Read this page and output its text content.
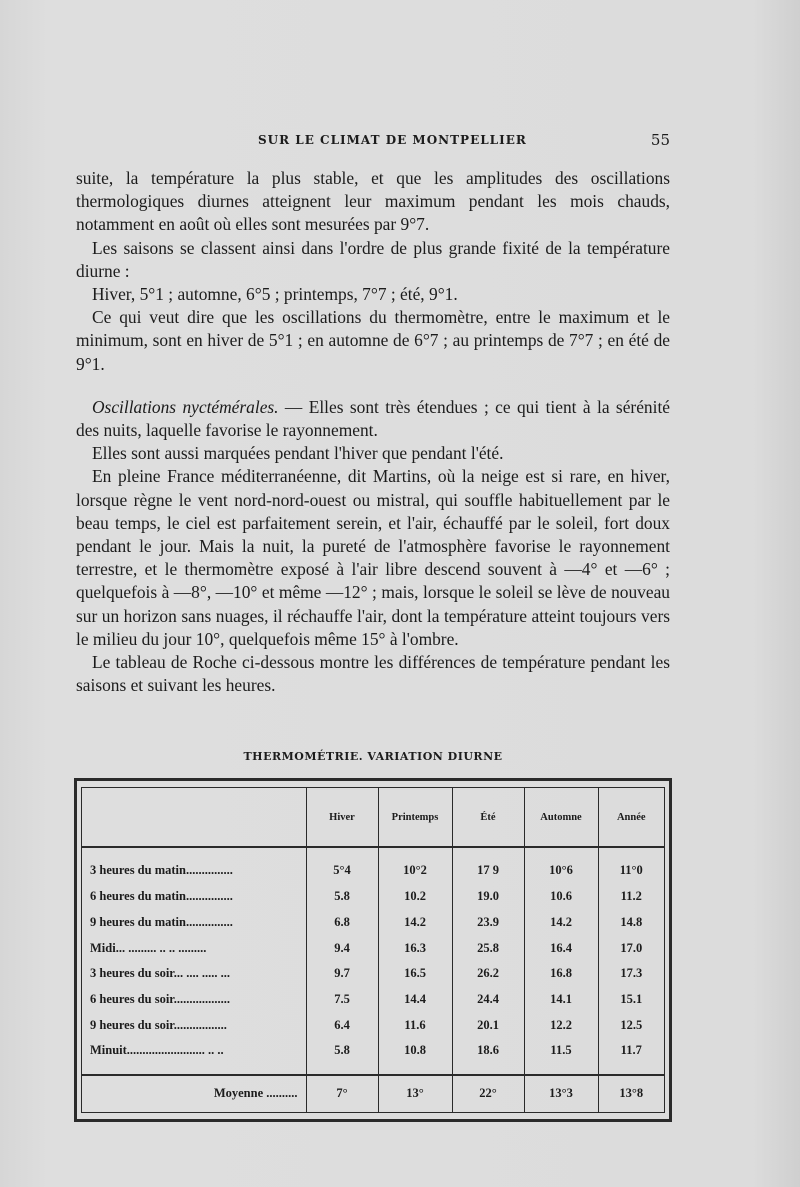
SUR LE CLIMAT DE MONTPELLIER	55

suite, la température la plus stable, et que les amplitudes des oscillations thermologiques diurnes atteignent leur maximum pendant les mois chauds, notamment en août où elles sont mesurées par 9°7.

Les saisons se classent ainsi dans l'ordre de plus grande fixité de la température diurne :

Hiver, 5°1 ; automne, 6°5 ; printemps, 7°7 ; été, 9°1.

Ce qui veut dire que les oscillations du thermomètre, entre le maximum et le minimum, sont en hiver de 5°1 ; en automne de 6°7 ; au printemps de 7°7 ; en été de 9°1.

Oscillations nyctémérales. — Elles sont très étendues ; ce qui tient à la sérénité des nuits, laquelle favorise le rayonnement.

Elles sont aussi marquées pendant l'hiver que pendant l'été.

En pleine France méditerranéenne, dit Martins, où la neige est si rare, en hiver, lorsque règne le vent nord-nord-ouest ou mistral, qui souffle habituellement par le beau temps, le ciel est parfaitement serein, et l'air, échauffé par le soleil, fort doux pendant le jour. Mais la nuit, la pureté de l'atmosphère favorise le rayonnement terrestre, et le thermomètre exposé à l'air libre descend souvent à —4° et —6° ; quelquefois à —8°, —10° et même —12° ; mais, lorsque le soleil se lève de nouveau sur un horizon sans nuages, il réchauffe l'air, dont la température atteint toujours vers le milieu du jour 10°, quelquefois même 15° à l'ombre.

Le tableau de Roche ci-dessous montre les différences de température pendant les saisons et suivant les heures.

THERMOMÉTRIE. VARIATION DIURNE
	Hiver	Printemps	Été	Automne	Année

3 heures du matin...............	5°4	10°2	17 9	10°6	11°0
6 heures du matin...............	5.8	10.2	19.0	10.6	11.2
9 heures du matin...............	6.8	14.2	23.9	14.2	14.8
Midi... ......... .. .. .........	9.4	16.3	25.8	16.4	17.0
3 heures du soir... .... ..... ...	9.7	16.5	26.2	16.8	17.3
6 heures du soir..................	7.5	14.4	24.4	14.1	15.1
9 heures du soir.................	6.4	11.6	20.1	12.2	12.5
Minuit......................... .. ..	5.8	10.8	18.6	11.5	11.7

Moyenne ..........	7°	13°	22°	13°3	13°8
